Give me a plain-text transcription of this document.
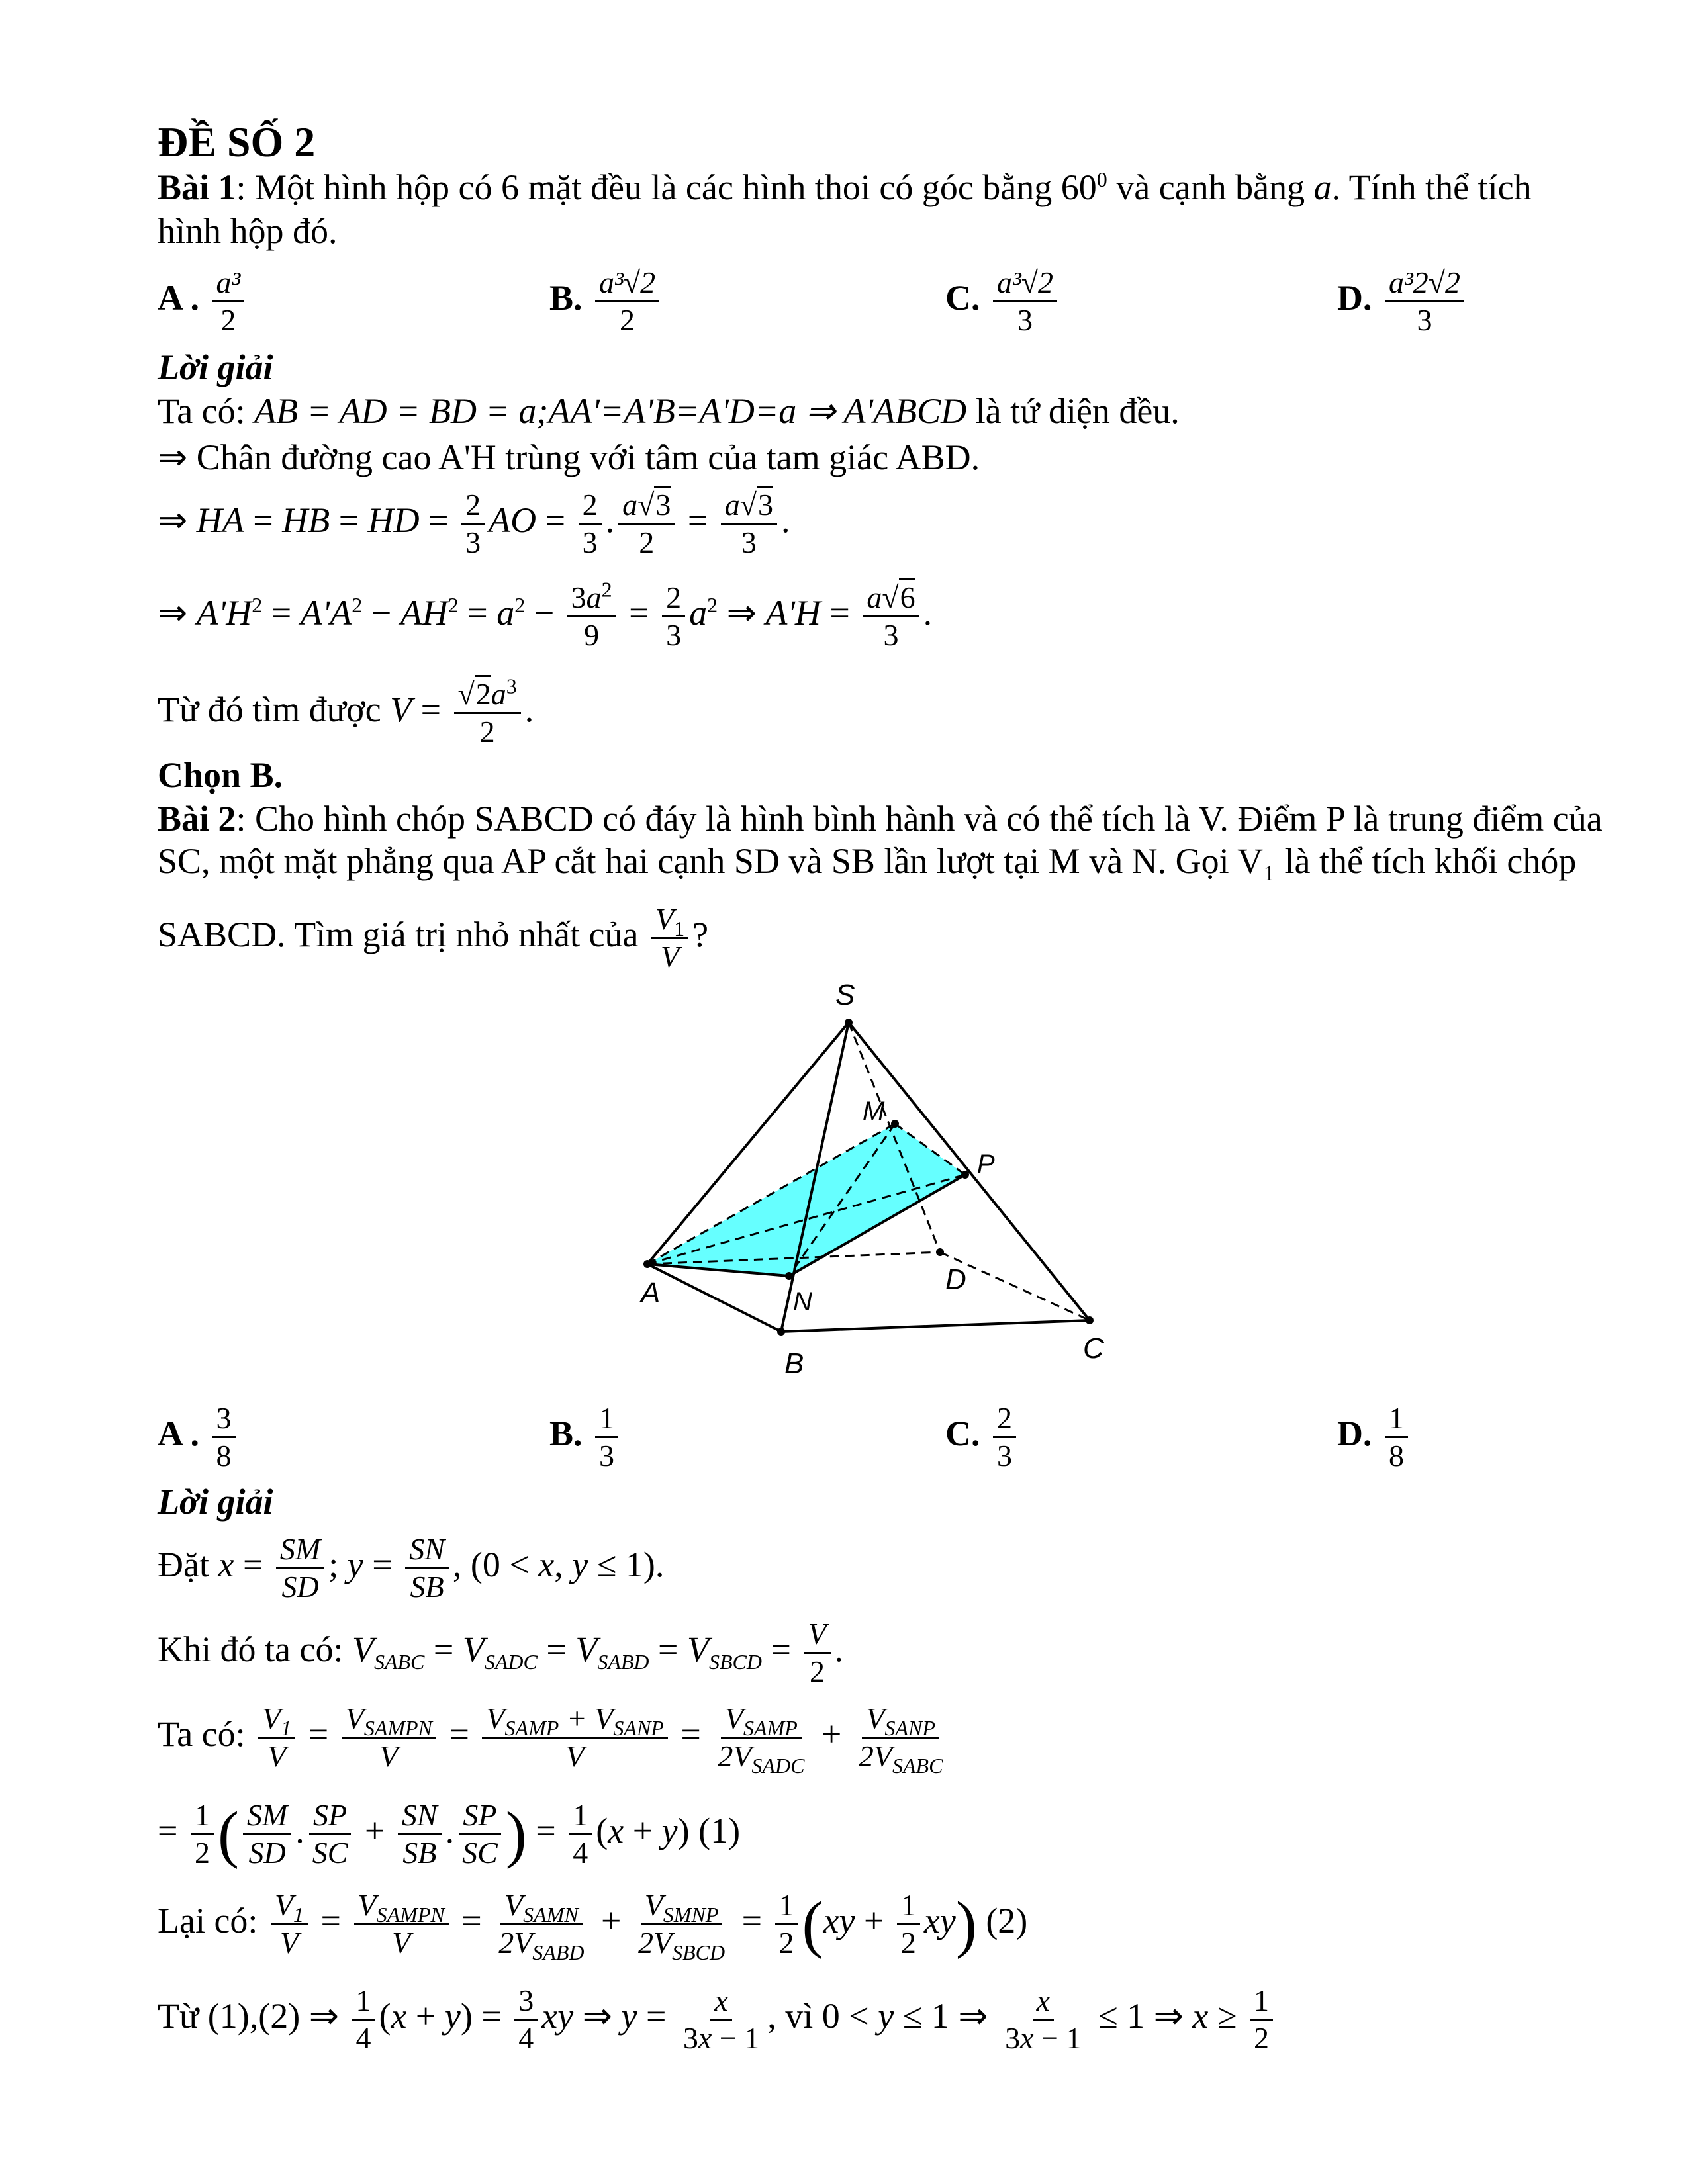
ĐỀ SỐ 2
Bài 1: Một hình hộp có 6 mặt đều là các hình thoi có góc bằng $60^0$ và cạnh bằng a. Tính thể tích
hình hộp đó.
A . $\frac{\text{a³}}{2}$	B. $\frac{\text{a³√2}}{2}$	C. $\frac{\text{a³√2}}{3}$	D. $\frac{\text{a³2√2}}{3}$
Lời giải
Ta có: AB = AD = BD = a;AA'=A'B=A'D=a ⇒ A'ABCD là tứ diện đều.
⇒ Chân đường cao A'H trùng với tâm của tam giác ABD.
⇒ HA = HB = HD = $\frac{2}{3}$ AO = $\frac{2}{3}$ . $\frac{a√3}{2} = \frac{a√3}{3}$ .
⇒ $A'H^2 = A'A^2 - AH^2 = a^2 - \frac{3a^2}{9} = \frac{2}{3} a^2$ ⇒ $A'H = \frac{a√6}{3}$ .
Từ đó tìm được $V = \frac{√2a^3}{2}$ .
Chọn B.
Bài 2: Cho hình chóp SABCD có đáy là hình bình hành và có thể tích là V. Điểm P là trung điểm của
SC, một mặt phẳng qua AP cắt hai cạnh SD và SB lần lượt tại M và N. Gọi V₁ là thể tích khối chóp
SABCD. Tìm giá trị nhỏ nhất của $\frac{V_1}{V}$ ?
S
M
P
A	N
D
B	C
A . $\frac{3}{8}$	B. $\frac{1}{3}$	C. $\frac{2}{3}$	D. $\frac{1}{8}$
Lời giải
Đặt $x = \frac{SM}{SD}$ ; $y = \frac{SN}{SB}$ , (0 < x, y ≤ 1).
Khi đó ta có: $V_{SABC} = V_{SADC} = V_{SABD} = V_{SBCD} = \frac{V}{2}$ .
Ta có: $\frac{V_1}{V} = \frac{V_{SAMPN}}{V} = \frac{V_{SAMP} + V_{SANP}}{V} = \frac{V_{SAMP}}{2V_{SADC}} + \frac{V_{SANP}}{2V_{SABC}}$
= $\frac{1}{2}$ ( $\frac{SM}{SD}$ . $\frac{SP}{SC} + \frac{SN}{SB}$ . $\frac{SP}{SC}$ ) = $\frac{1}{4} (x + y)$ (1)
Lại có: $\frac{V_1}{V} = \frac{V_{SAMPN}}{V} = \frac{V_{SAMN}}{2V_{SABD}} + \frac{V_{SMNP}}{2V_{SBCD}} = \frac{1}{2} (xy + \frac{1}{2} xy)$ (2)
Từ (1),(2) ⇒ $\frac{1}{4} (x + y) = \frac{3}{4}$ xy ⇒ $y = \frac{x}{3x - 1}$ , vì 0 < y ≤ 1 ⇒ $\frac{x}{3x - 1} \le 1$ ⇒ $x \ge \frac{1}{2}$
